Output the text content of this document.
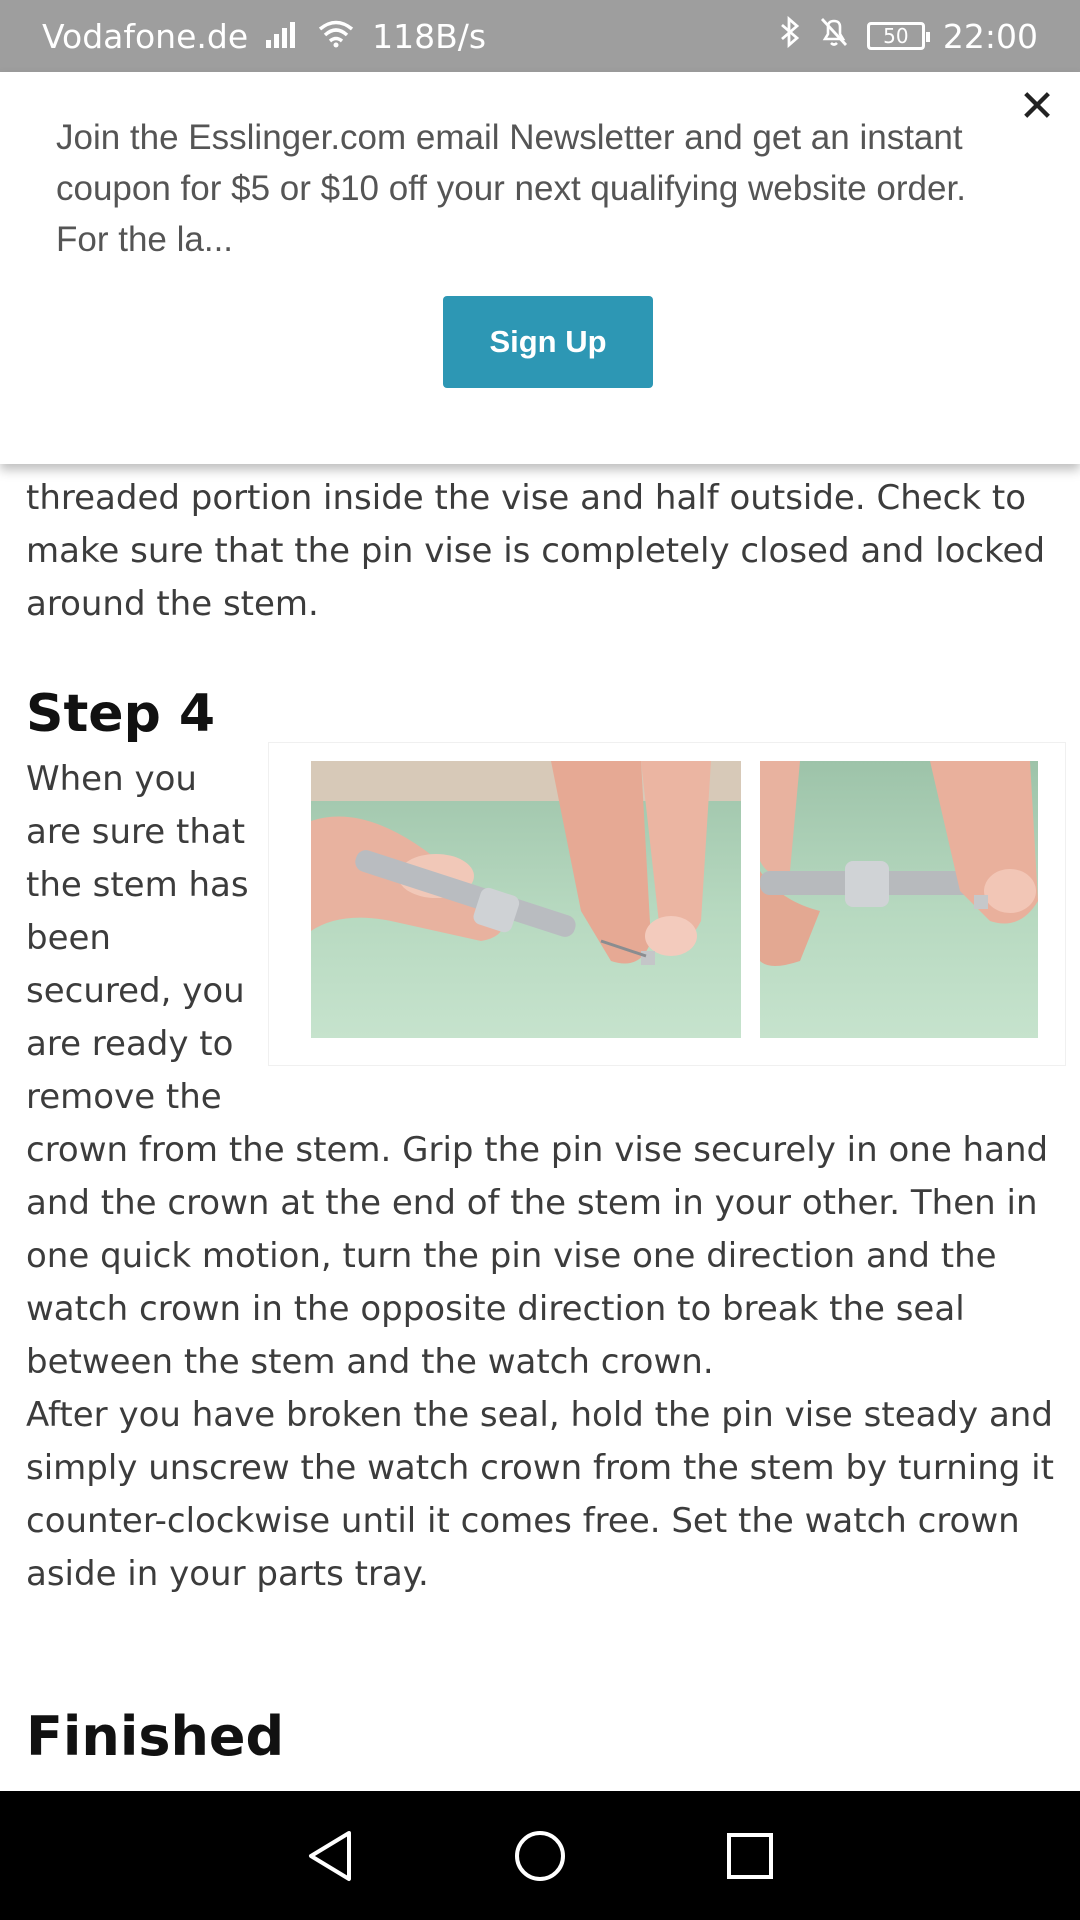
Vodafone.de	118B/s	50	22:00

threaded portion inside the vise and half outside. Check to make sure that the pin vise is completely closed and locked around the stem.

Step 4
When you
are sure that
the stem has
been
secured, you
are ready to
remove the

crown from the stem. Grip the pin vise securely in one hand and the crown at the end of the stem in your other. Then in one quick motion, turn the pin vise one direction and the watch crown in the opposite direction to break the seal between the stem and the watch crown.

After you have broken the seal, hold the pin vise steady and simply unscrew the watch crown from the stem by turning it counter-clockwise until it comes free. Set the watch crown aside in your parts tray.

Finished

Join the Esslinger.com email Newsletter and get an instant coupon for $5 or $10 off your next qualifying website order. For the la...

✕
Sign Up
